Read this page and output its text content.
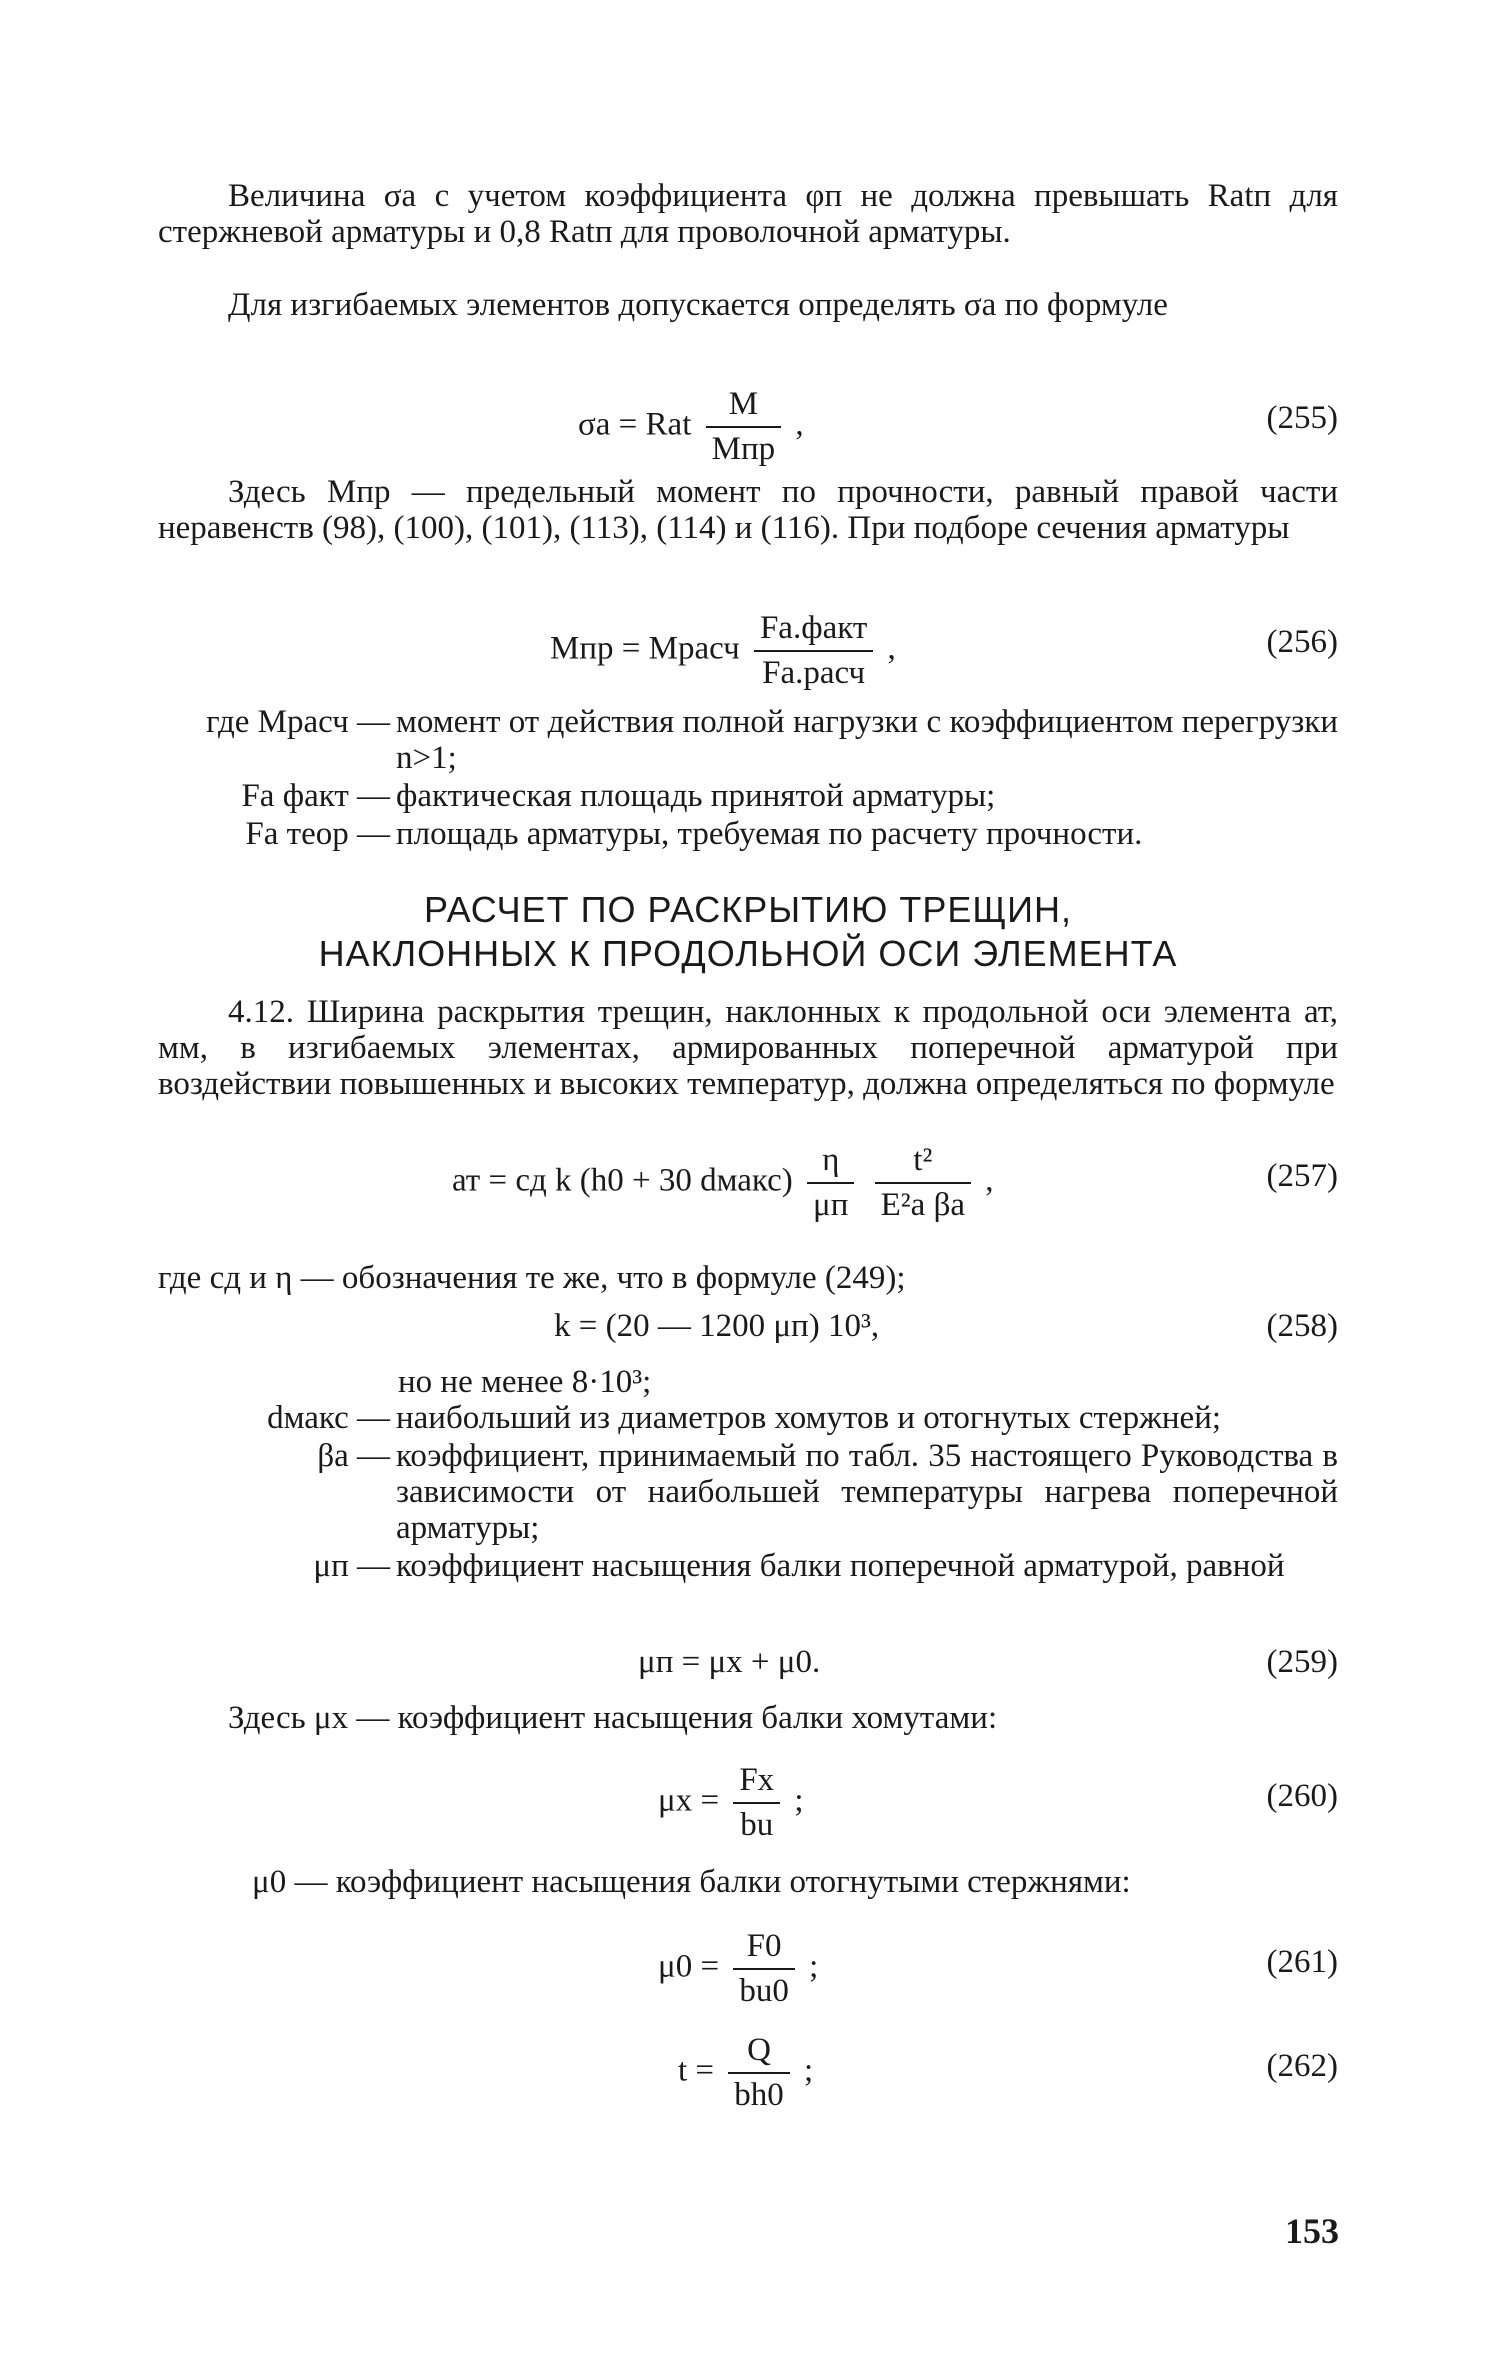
Величина σа с учетом коэффициента φп не должна превышать Rаtп для стержневой арматуры и 0,8 Rаtп для проволочной арматуры.

Для изгибаемых элементов допускается определять σа по формуле

σа = Rаt $\frac{M}{\text{Mпр}}$ ,	(255)

Здесь Мпр — предельный момент по прочности, равный правой части неравенств (98), (100), (101), (113), (114) и (116). При подборе сечения арматуры

Mпр = Mрасч $\frac{\text{Fа.факт}}{\text{Fа.расч}}$ ,	(256)
где Mрасч — момент от действия полной нагрузки с коэффициентом перегрузки n>1;
Fа факт — фактическая площадь принятой арматуры;
Fа теор — площадь арматуры, требуемая по расчету прочности.
РАСЧЕТ ПО РАСКРЫТИЮ ТРЕЩИН,
НАКЛОННЫХ К ПРОДОЛЬНОЙ ОСИ ЭЛЕМЕНТА

4.12. Ширина раскрытия трещин, наклонных к продольной оси элемента ат, мм, в изгибаемых элементах, армированных поперечной арматурой при воздействии повышенных и высоких температур, должна определяться по формуле

ат = cд k (h0 + 30 dмакс) $\frac{\eta}{\mu п}$
$\frac{\text{t²}}{\text{E²а βа}}$ ,	(257)

где cд и η — обозначения те же, что в формуле (249);

k = (20 — 1200 μп) 10³,	(258)

но не менее 8·10³;

dмакс — наибольший из диаметров хомутов и отогнутых стержней;
βа — коэффициент, принимаемый по табл. 35 настоящего Руководства в зависимости от наибольшей температуры нагрева поперечной арматуры;
μп — коэффициент насыщения балки поперечной арматурой, равной
μп = μх + μ0.	(259)

Здесь μх — коэффициент насыщения балки хомутами:

$\mu х = \frac{Fх}{bu}$ ;	(260)

μ0 — коэффициент насыщения балки отогнутыми стержнями:

$\mu 0 = \frac{F0}{bu0}$ ;	(261)
$t = \frac{Q}{bh0}$ ;	(262)
153
